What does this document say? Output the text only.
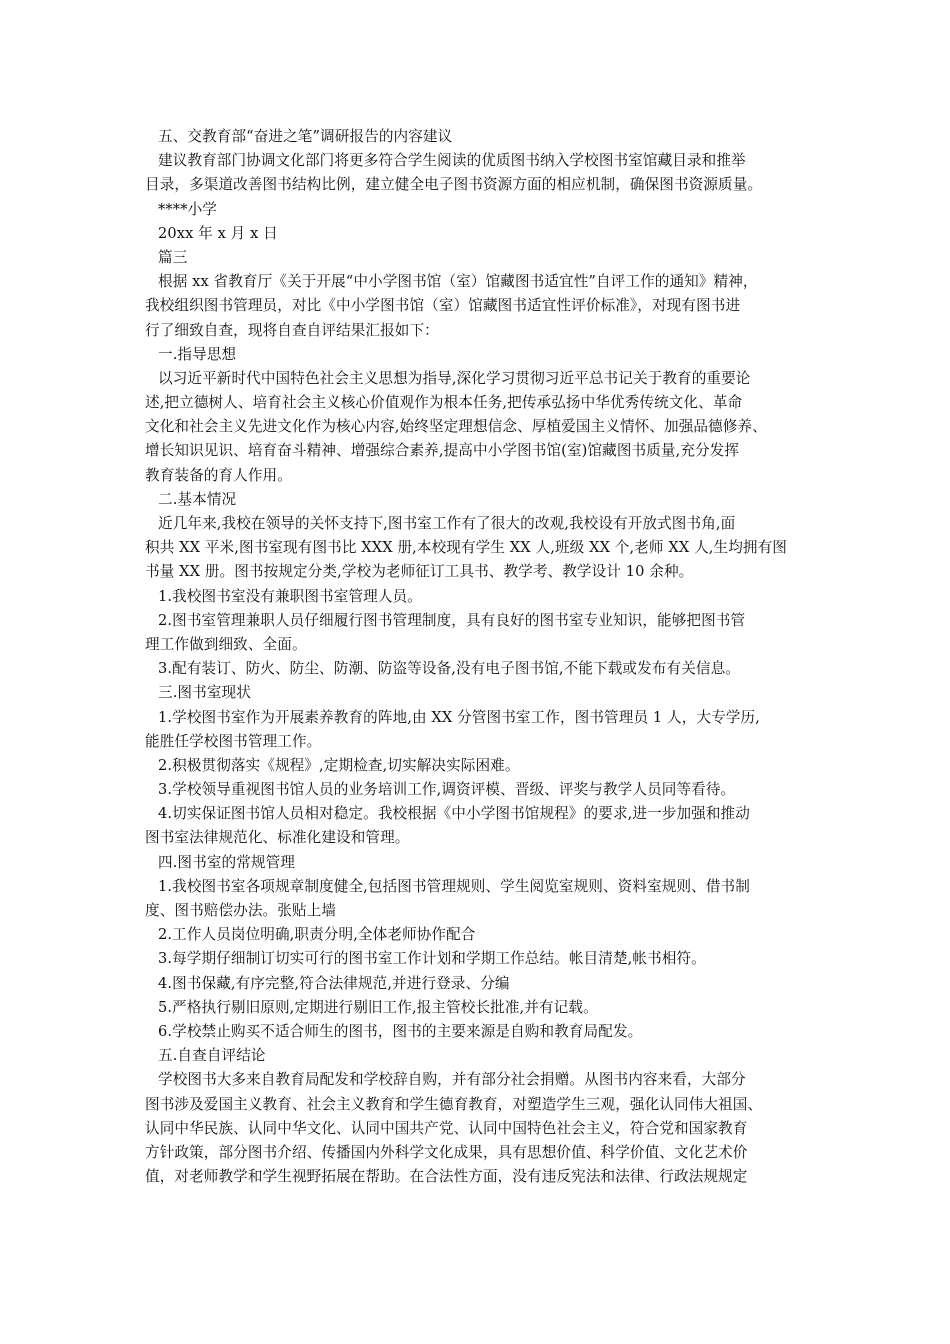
五、交教育部“奋进之笔”调研报告的内容建议

建议教育部门协调文化部门将更多符合学生阅读的优质图书纳入学校图书室馆藏目录和推举

目录，多渠道改善图书结构比例，建立健全电子图书资源方面的相应机制，确保图书资源质量。

****小学

20xx 年 x 月 x 日

篇三

根据 xx 省教育厅《关于开展“中小学图书馆（室）馆藏图书适宜性”自评工作的通知》精神，

我校组织图书管理员，对比《中小学图书馆（室）馆藏图书适宜性评价标准》，对现有图书进

行了细致自查，现将自查自评结果汇报如下：

一.指导思想

以习近平新时代中国特色社会主义思想为指导,深化学习贯彻习近平总书记关于教育的重要论

述,把立德树人、培育社会主义核心价值观作为根本任务,把传承弘扬中华优秀传统文化、革命

文化和社会主义先进文化作为核心内容,始终坚定理想信念、厚植爱国主义情怀、加强品德修养、

增长知识见识、培育奋斗精神、增强综合素养,提高中小学图书馆(室)馆藏图书质量,充分发挥

教育装备的育人作用。

二.基本情况

近几年来,我校在领导的关怀支持下,图书室工作有了很大的改观,我校设有开放式图书角,面

积共 XX 平米,图书室现有图书比 XXX 册,本校现有学生 XX 人,班级 XX 个,老师 XX 人,生均拥有图

书量 XX 册。图书按规定分类,学校为老师征订工具书、教学考、教学设计 10 余种。

1.我校图书室没有兼职图书室管理人员。

2.图书室管理兼职人员仔细履行图书管理制度，具有良好的图书室专业知识，能够把图书管

理工作做到细致、全面。

3.配有装订、防火、防尘、防潮、防盗等设备,没有电子图书馆,不能下载或发布有关信息。

三.图书室现状

1.学校图书室作为开展素养教育的阵地,由 XX 分管图书室工作，图书管理员 1 人，大专学历,

能胜任学校图书管理工作。

2.积极贯彻落实《规程》,定期检查,切实解决实际困难。

3.学校领导重视图书馆人员的业务培训工作,调资评模、晋级、评奖与教学人员同等看待。

4.切实保证图书馆人员相对稳定。我校根据《中小学图书馆规程》的要求,进一步加强和推动

图书室法律规范化、标准化建设和管理。

四.图书室的常规管理

1.我校图书室各项规章制度健全,包括图书管理规则、学生阅览室规则、资料室规则、借书制

度、图书赔偿办法。张贴上墙

2.工作人员岗位明确,职责分明,全体老师协作配合

3.每学期仔细制订切实可行的图书室工作计划和学期工作总结。帐目清楚,帐书相符。

4.图书保藏,有序完整,符合法律规范,并进行登录、分编

5.严格执行剔旧原则,定期进行剔旧工作,报主管校长批准,并有记载。

6.学校禁止购买不适合师生的图书，图书的主要来源是自购和教育局配发。

五.自查自评结论

学校图书大多来自教育局配发和学校辞自购，并有部分社会捐赠。从图书内容来看，大部分

图书涉及爱国主义教育、社会主义教育和学生德育教育，对塑造学生三观，强化认同伟大祖国、

认同中华民族、认同中华文化、认同中国共产党、认同中国特色社会主义，符合党和国家教育

方针政策，部分图书介绍、传播国内外科学文化成果，具有思想价值、科学价值、文化艺术价

值，对老师教学和学生视野拓展在帮助。在合法性方面，没有违反宪法和法律、行政法规规定
